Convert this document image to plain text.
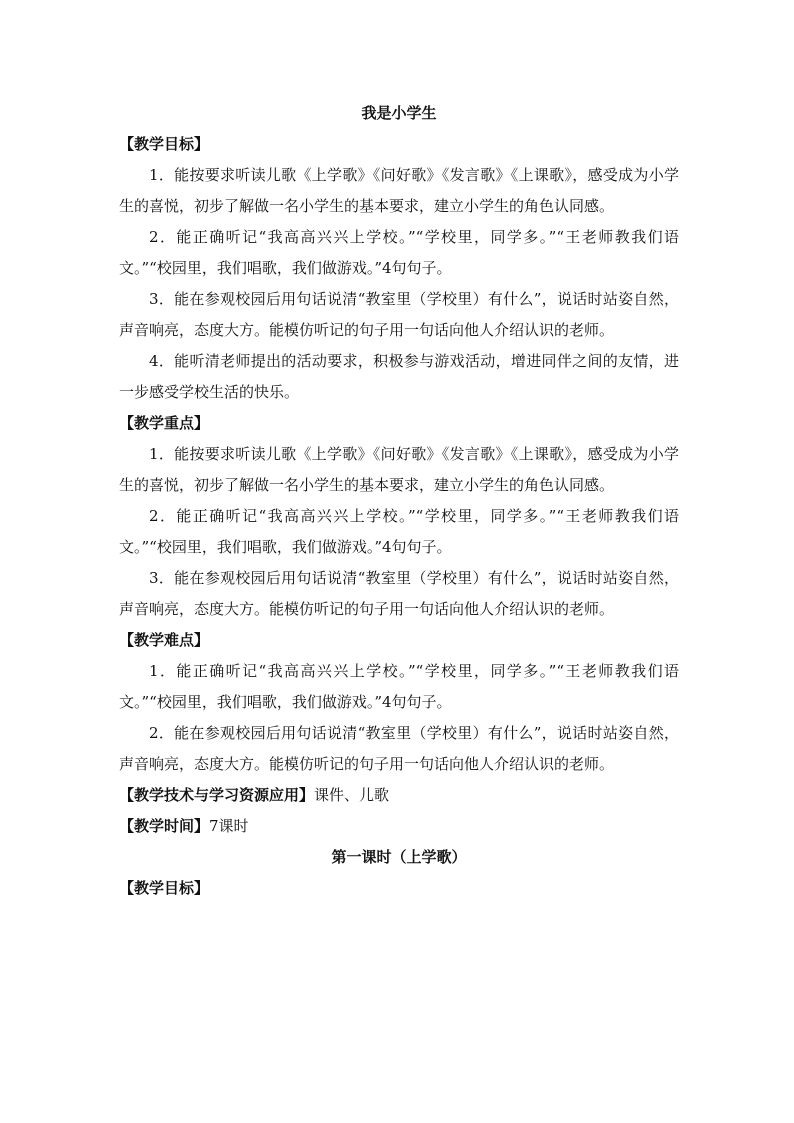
我是小学生

【教学目标】

1．能按要求听读儿歌《上学歌》《问好歌》《发言歌》《上课歌》，感受成为小学生的喜悦，初步了解做一名小学生的基本要求，建立小学生的角色认同感。

2．能正确听记“我高高兴兴上学校。”“学校里，同学多。”“王老师教我们语文。”“校园里，我们唱歌，我们做游戏。”4句句子。

3．能在参观校园后用句话说清“教室里（学校里）有什么”，说话时站姿自然，声音响亮，态度大方。能模仿听记的句子用一句话向他人介绍认识的老师。

4．能听清老师提出的活动要求，积极参与游戏活动，增进同伴之间的友情，进一步感受学校生活的快乐。

【教学重点】

1．能按要求听读儿歌《上学歌》《问好歌》《发言歌》《上课歌》，感受成为小学生的喜悦，初步了解做一名小学生的基本要求，建立小学生的角色认同感。

2．能正确听记“我高高兴兴上学校。”“学校里，同学多。”“王老师教我们语文。”“校园里，我们唱歌，我们做游戏。”4句句子。

3．能在参观校园后用句话说清“教室里（学校里）有什么”，说话时站姿自然，声音响亮，态度大方。能模仿听记的句子用一句话向他人介绍认识的老师。

【教学难点】

1．能正确听记“我高高兴兴上学校。”“学校里，同学多。”“王老师教我们语文。”“校园里，我们唱歌，我们做游戏。”4句句子。

2．能在参观校园后用句话说清“教室里（学校里）有什么”，说话时站姿自然，声音响亮，态度大方。能模仿听记的句子用一句话向他人介绍认识的老师。

【教学技术与学习资源应用】课件、儿歌

【教学时间】7课时

第一课时（上学歌）

【教学目标】
